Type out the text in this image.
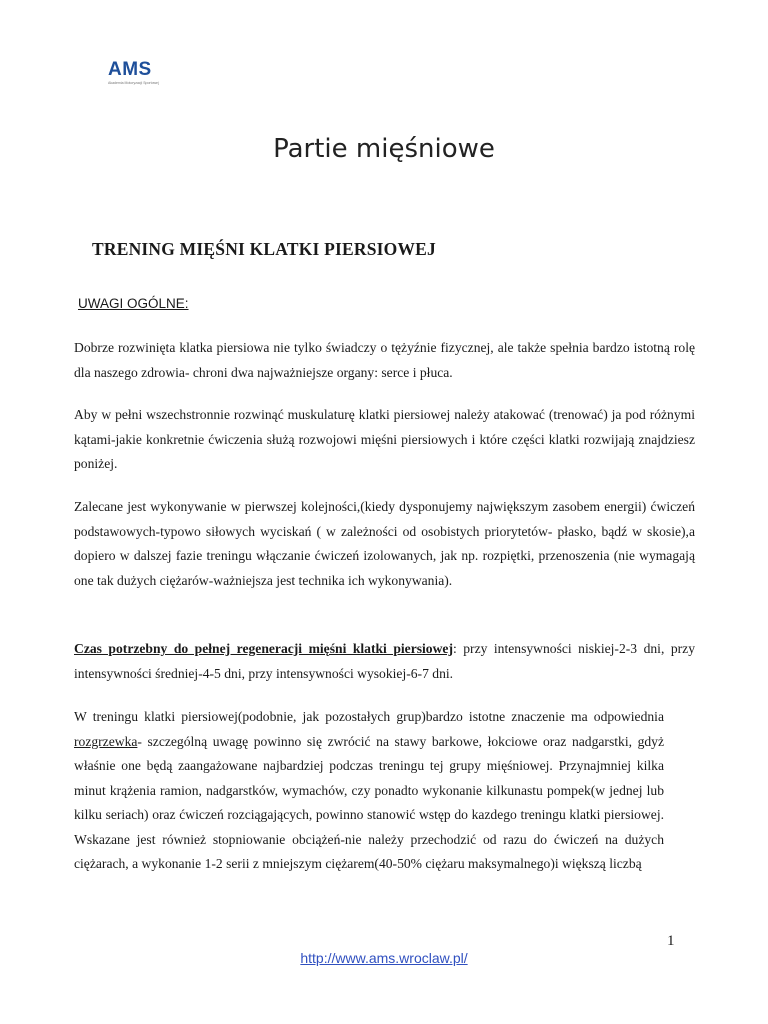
AMS
Akademia Motoryzacji Sportowej
Partie mięśniowe
TRENING MIĘŚNI KLATKI PIERSIOWEJ
UWAGI OGÓLNE:
Dobrze rozwinięta klatka piersiowa nie tylko świadczy o tężyźnie fizycznej, ale także spełnia bardzo istotną rolę dla naszego zdrowia- chroni dwa najważniejsze organy: serce i płuca.
Aby w pełni wszechstronnie rozwinąć muskulaturę klatki piersiowej należy atakować (trenować) ja pod różnymi kątami-jakie konkretnie ćwiczenia służą rozwojowi mięśni piersiowych i które części klatki rozwijają znajdziesz poniżej.
Zalecane jest wykonywanie w pierwszej kolejności,(kiedy dysponujemy największym zasobem energii) ćwiczeń podstawowych-typowo siłowych wyciskań ( w zależności od osobistych priorytetów- płasko, bądź w skosie),a dopiero w dalszej fazie treningu włączanie ćwiczeń izolowanych, jak np. rozpiętki, przenoszenia (nie wymagają one tak dużych ciężarów-ważniejsza jest technika ich wykonywania).
Czas potrzebny do pełnej regeneracji mięśni klatki piersiowej: przy intensywności niskiej-2-3 dni, przy intensywności średniej-4-5 dni, przy intensywności wysokiej-6-7 dni.
W treningu klatki piersiowej(podobnie, jak pozostałych grup)bardzo istotne znaczenie ma odpowiednia rozgrzewka- szczególną uwagę powinno się zwrócić na stawy barkowe, łokciowe oraz nadgarstki, gdyż właśnie one będą zaangażowane najbardziej podczas treningu tej grupy mięśniowej. Przynajmniej kilka minut krążenia ramion, nadgarstków, wymachów, czy ponadto wykonanie kilkunastu pompek(w jednej lub kilku seriach) oraz ćwiczeń rozciągających, powinno stanowić wstęp do kazdego treningu klatki piersiowej. Wskazane jest również stopniowanie obciążeń-nie należy przechodzić od razu do ćwiczeń na dużych ciężarach, a wykonanie 1-2 serii z mniejszym ciężarem(40-50% ciężaru maksymalnego)i większą liczbą
1
http://www.ams.wroclaw.pl/
